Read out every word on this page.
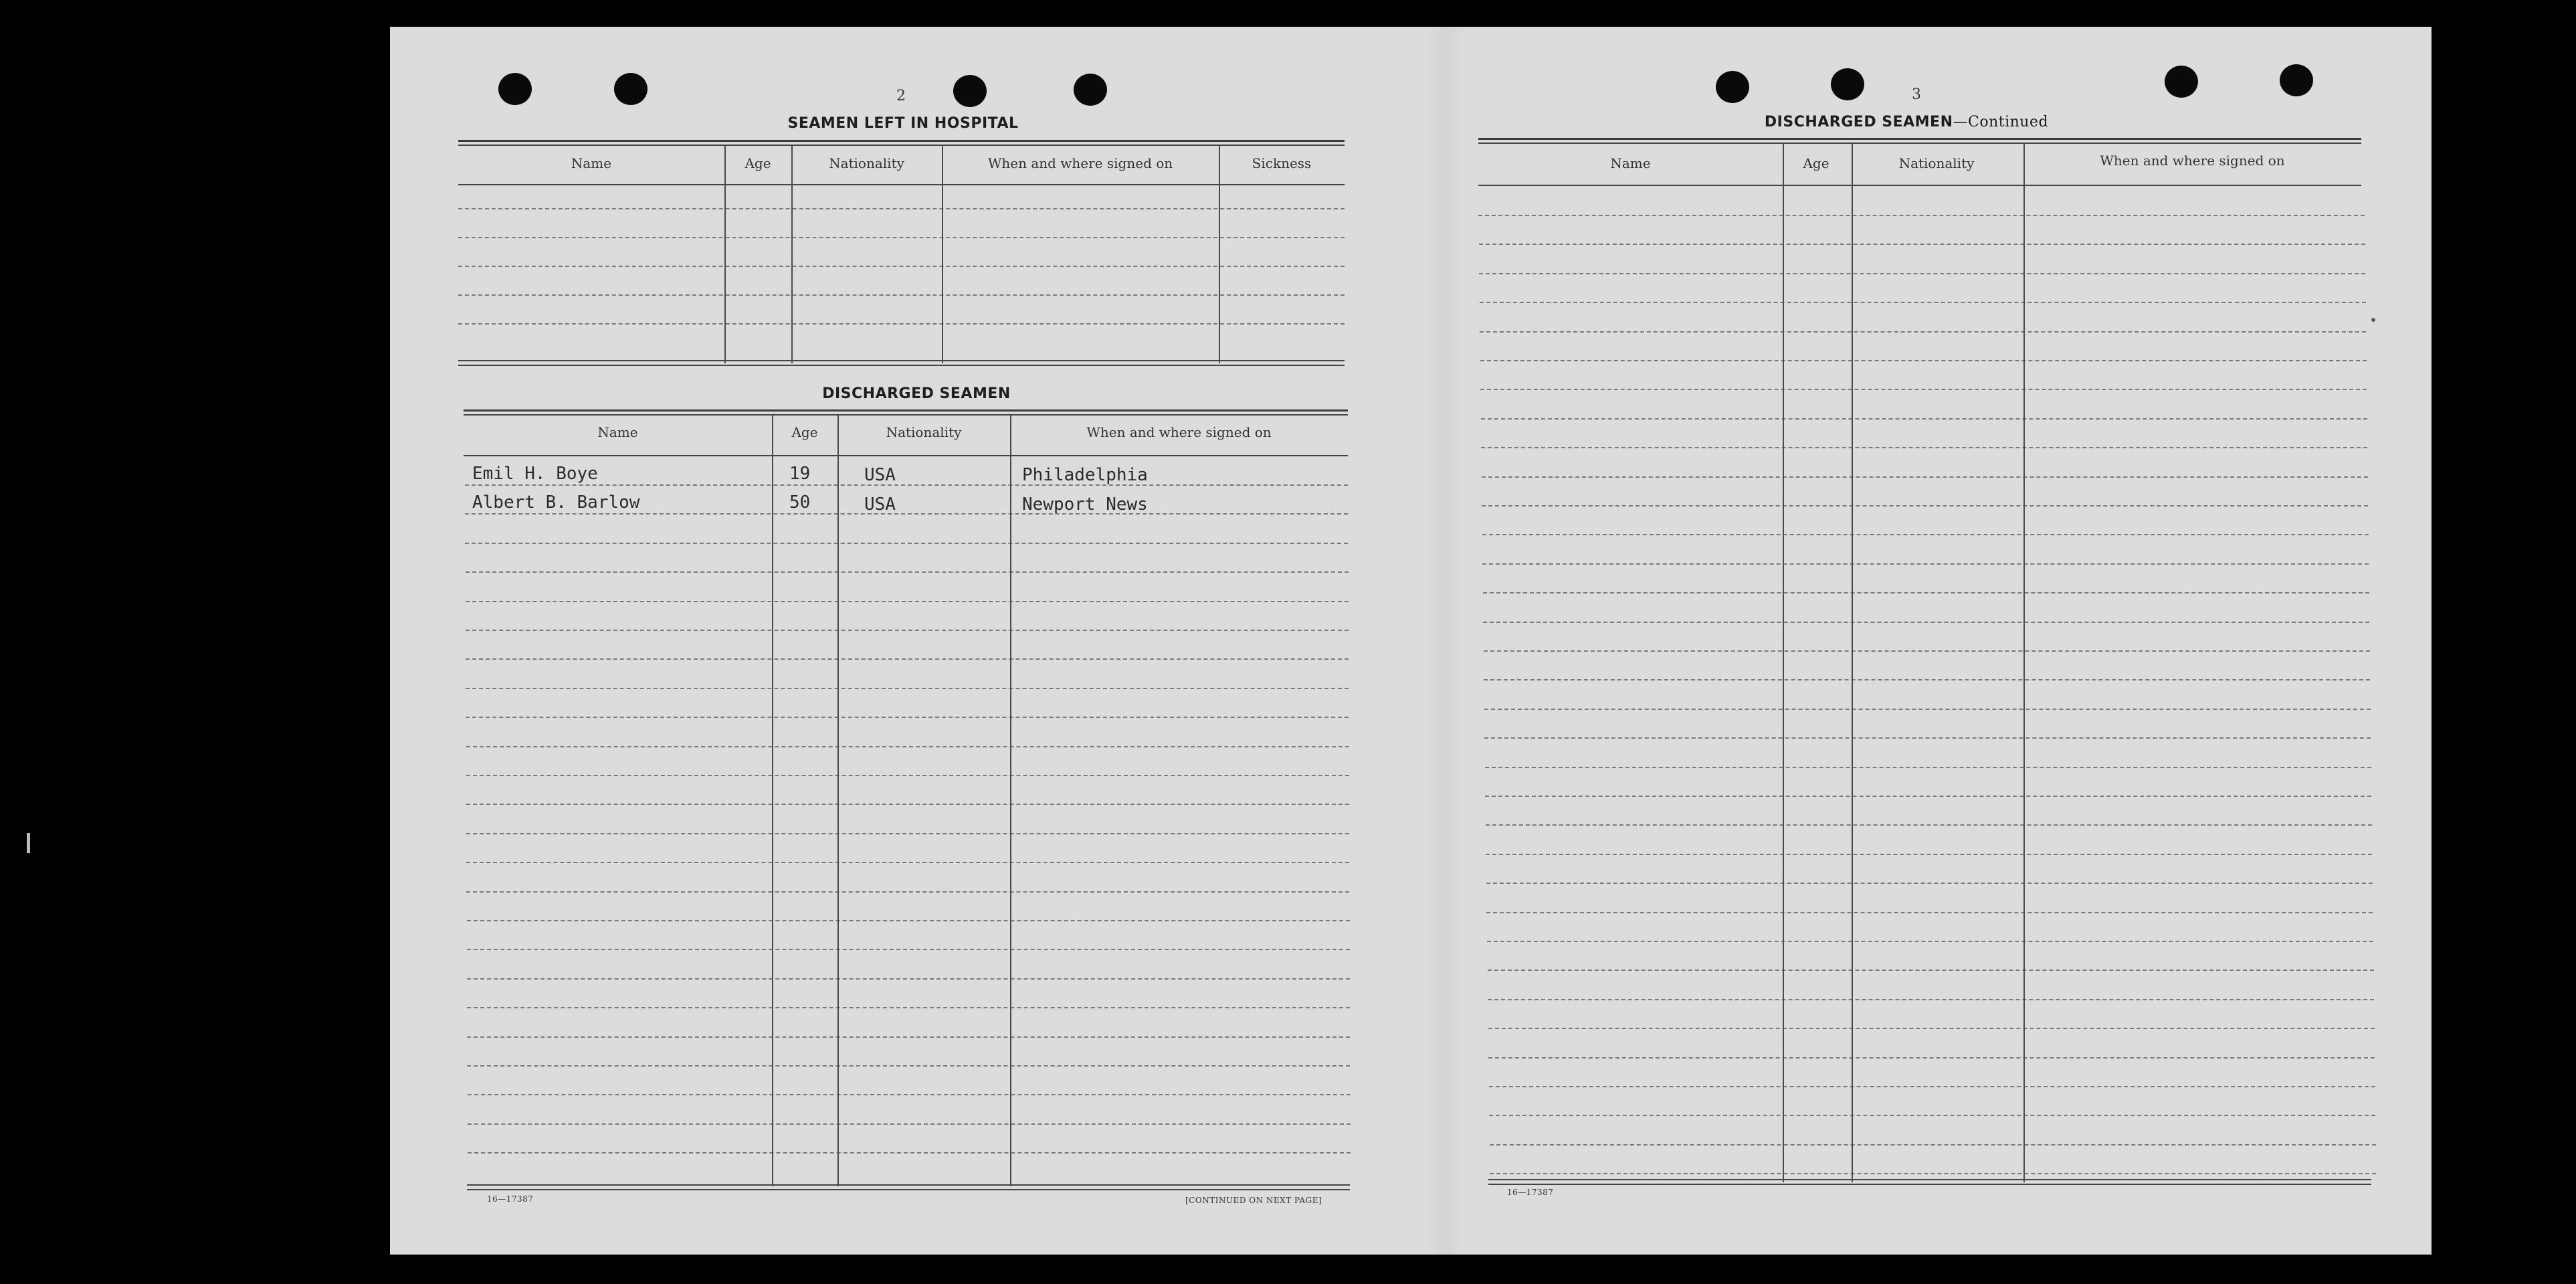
2
SEAMEN LEFT IN HOSPITAL
Name	Age	Nationality	When and where signed on	Sickness
DISCHARGED SEAMEN
Name	Age	Nationality	When and where signed on
Emil H. Boye	19	USA	Philadelphia
Albert B. Barlow	50	USA	Newport News
16—17387	[CONTINUED ON NEXT PAGE]
3
DISCHARGED SEAMEN—Continued
Name	Age	Nationality	When and where signed on
16—17387
